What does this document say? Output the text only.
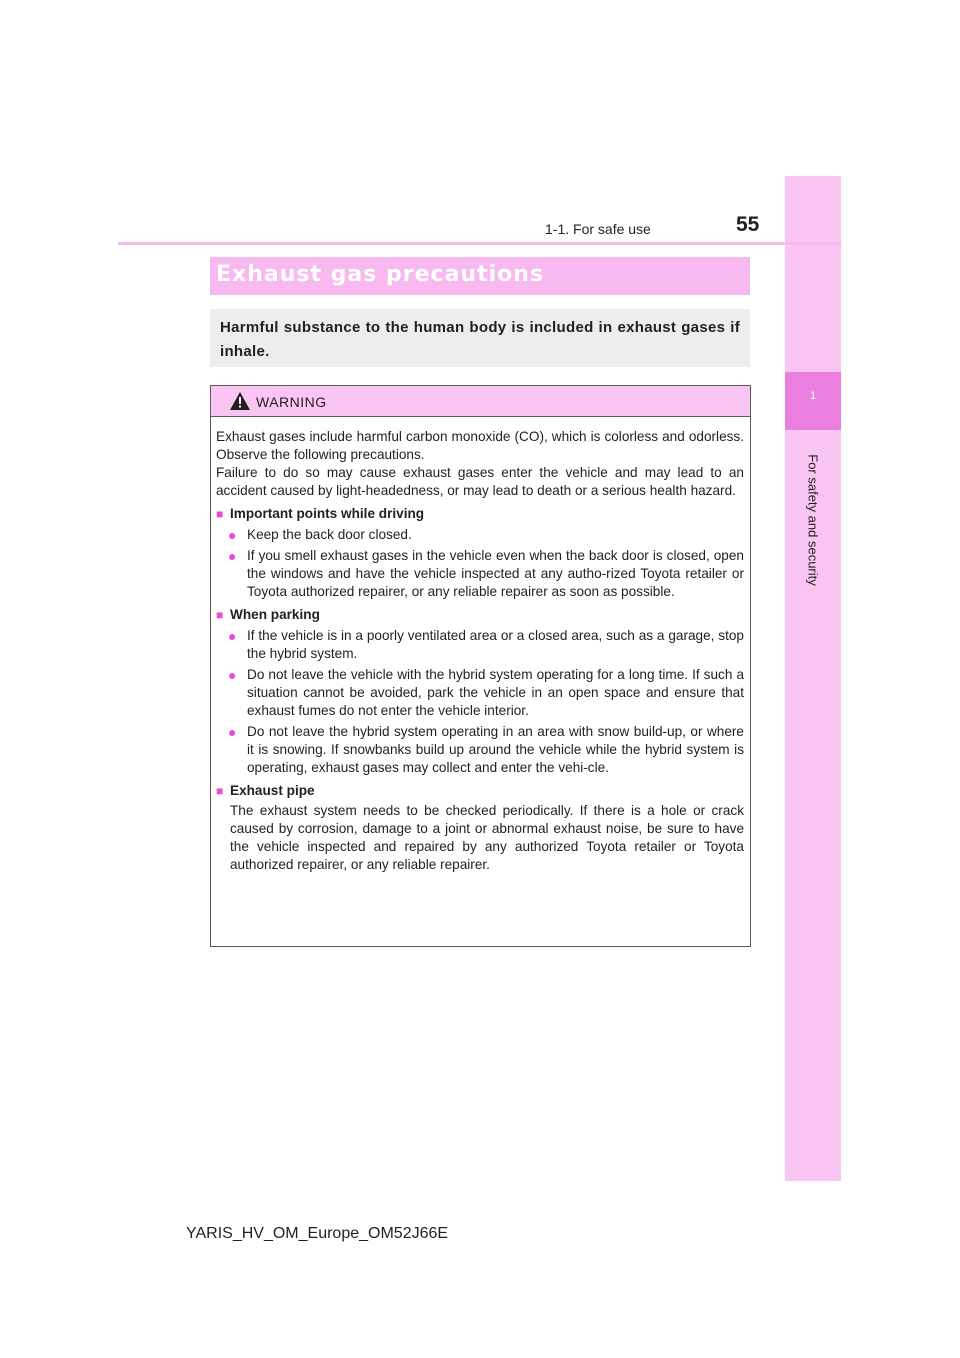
1
For safety and security
1-1. For safe use	55
Exhaust gas precautions
Harmful substance to the human body is included in exhaust gases if inhale.
WARNING

Exhaust gases include harmful carbon monoxide (CO), which is colorless and odorless. Observe the following precautions.

Failure to do so may cause exhaust gases enter the vehicle and may lead to an accident caused by light-headedness, or may lead to death or a serious health hazard.

■ Important points while driving
● Keep the back door closed.
● If you smell exhaust gases in the vehicle even when the back door is closed, open the windows and have the vehicle inspected at any autho-rized Toyota retailer or Toyota authorized repairer, or any reliable repairer as soon as possible.
■ When parking
● If the vehicle is in a poorly ventilated area or a closed area, such as a garage, stop the hybrid system.
● Do not leave the vehicle with the hybrid system operating for a long time. If such a situation cannot be avoided, park the vehicle in an open space and ensure that exhaust fumes do not enter the vehicle interior.
● Do not leave the hybrid system operating in an area with snow build-up, or where it is snowing. If snowbanks build up around the vehicle while the hybrid system is operating, exhaust gases may collect and enter the vehi-cle.
■ Exhaust pipe
The exhaust system needs to be checked periodically. If there is a hole or crack caused by corrosion, damage to a joint or abnormal exhaust noise, be sure to have the vehicle inspected and repaired by any authorized Toyota retailer or Toyota authorized repairer, or any reliable repairer.
YARIS_HV_OM_Europe_OM52J66E
